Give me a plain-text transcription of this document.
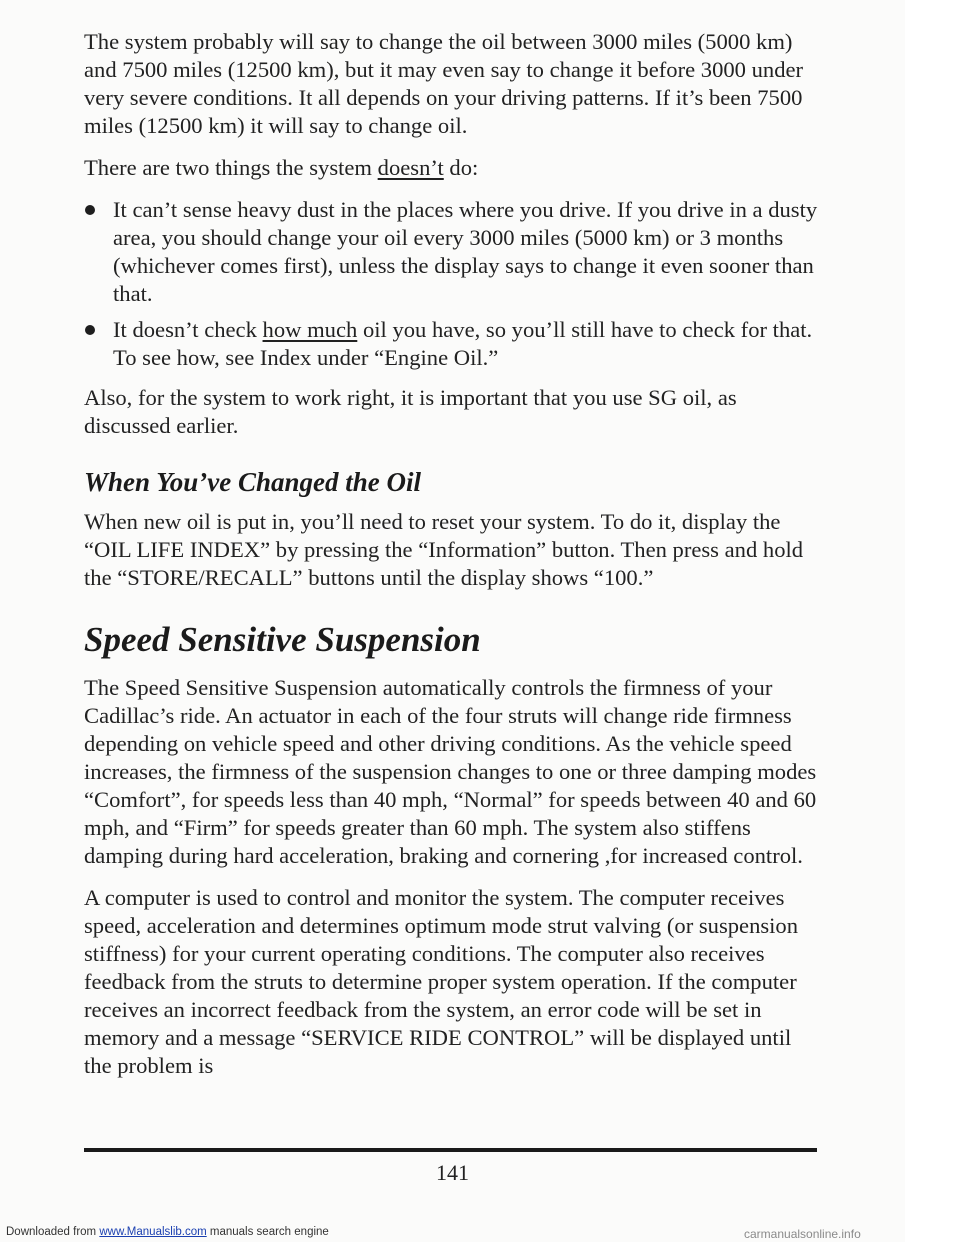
The system probably will say to change the oil between 3000 miles (5000 km) and 7500 miles (12500 km), but it may even say to change it before 3000 under very severe conditions. It all depends on your driving patterns. If it’s been 7500 miles (12500 km) it will say to change oil.

There are two things the system doesn’t do:

It can’t sense heavy dust in the places where you drive. If you drive in a dusty area, you should change your oil every 3000 miles (5000 km) or 3 months (whichever comes first), unless the display says to change it even sooner than that.
It doesn’t check how much oil you have, so you’ll still have to check for that. To see how, see Index under “Engine Oil.”

Also, for the system to work right, it is important that you use SG oil, as discussed earlier.

When You’ve Changed the Oil

When new oil is put in, you’ll need to reset your system. To do it, display the “OIL LIFE INDEX” by pressing the “Information” button. Then press and hold the “STORE/RECALL” buttons until the display shows “100.”

Speed Sensitive Suspension

The Speed Sensitive Suspension automatically controls the firmness of your Cadillac’s ride. An actuator in each of the four struts will change ride firmness depending on vehicle speed and other driving conditions. As the vehicle speed increases, the firmness of the suspension changes to one or three damping modes “Comfort”, for speeds less than 40 mph, “Normal” for speeds between 40 and 60 mph, and “Firm” for speeds greater than 60 mph. The system also stiffens damping during hard acceleration, braking and cornering ,for increased control.

A computer is used to control and monitor the system. The computer receives speed, acceleration and determines optimum mode strut valving (or suspension stiffness) for your current operating conditions. The computer also receives feedback from the struts to determine proper system operation. If the computer receives an incorrect feedback from the system, an error code will be set in memory and a message “SERVICE RIDE CONTROL” will be displayed until the problem is

141
Downloaded from www.Manualslib.com manuals search engine	carmanualsonline.info
